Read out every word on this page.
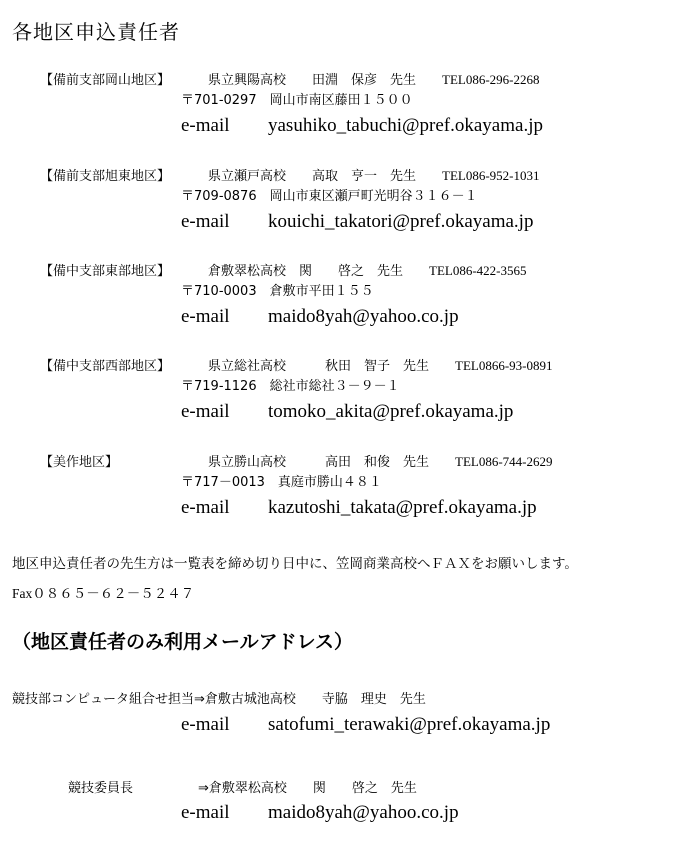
各地区申込責任者
【備前支部岡山地区】	県立興陽高校　　田淵　保彦　先生　　TEL086-296-2268
〒701-0297　岡山市南区藤田１５００
e-mail yasuhiko_tabuchi@pref.okayama.jp
【備前支部旭東地区】	県立瀬戸高校　　高取　亨一　先生　　TEL086-952-1031
〒709-0876　岡山市東区瀬戸町光明谷３１６－１
e-mail kouichi_takatori@pref.okayama.jp
【備中支部東部地区】	倉敷翠松高校　関　　啓之　先生　　TEL086-422-3565
〒710-0003　倉敷市平田１５５
e-mail maido8yah@yahoo.co.jp
【備中支部西部地区】	県立総社高校　　　秋田　智子　先生　　TEL0866-93-0891
〒719-1126　総社市総社３－９－１
e-mail tomoko_akita@pref.okayama.jp
【美作地区】	県立勝山高校　　　高田　和俊　先生　　TEL086-744-2629
〒717－0013　真庭市勝山４８１
e-mail kazutoshi_takata@pref.okayama.jp
地区申込責任者の先生方は一覧表を締め切り日中に、笠岡商業高校へＦＡＸをお願いします。
Fax０８６５－６２－５２４７
（地区責任者のみ利用メールアドレス）
競技部コンピュータ組合せ担当⇒倉敷古城池高校　　寺脇　理史　先生
e-mail satofumi_terawaki@pref.okayama.jp
競技委員長　　　　　⇒倉敷翠松高校　　関　　啓之　先生
e-mail maido8yah@yahoo.co.jp
